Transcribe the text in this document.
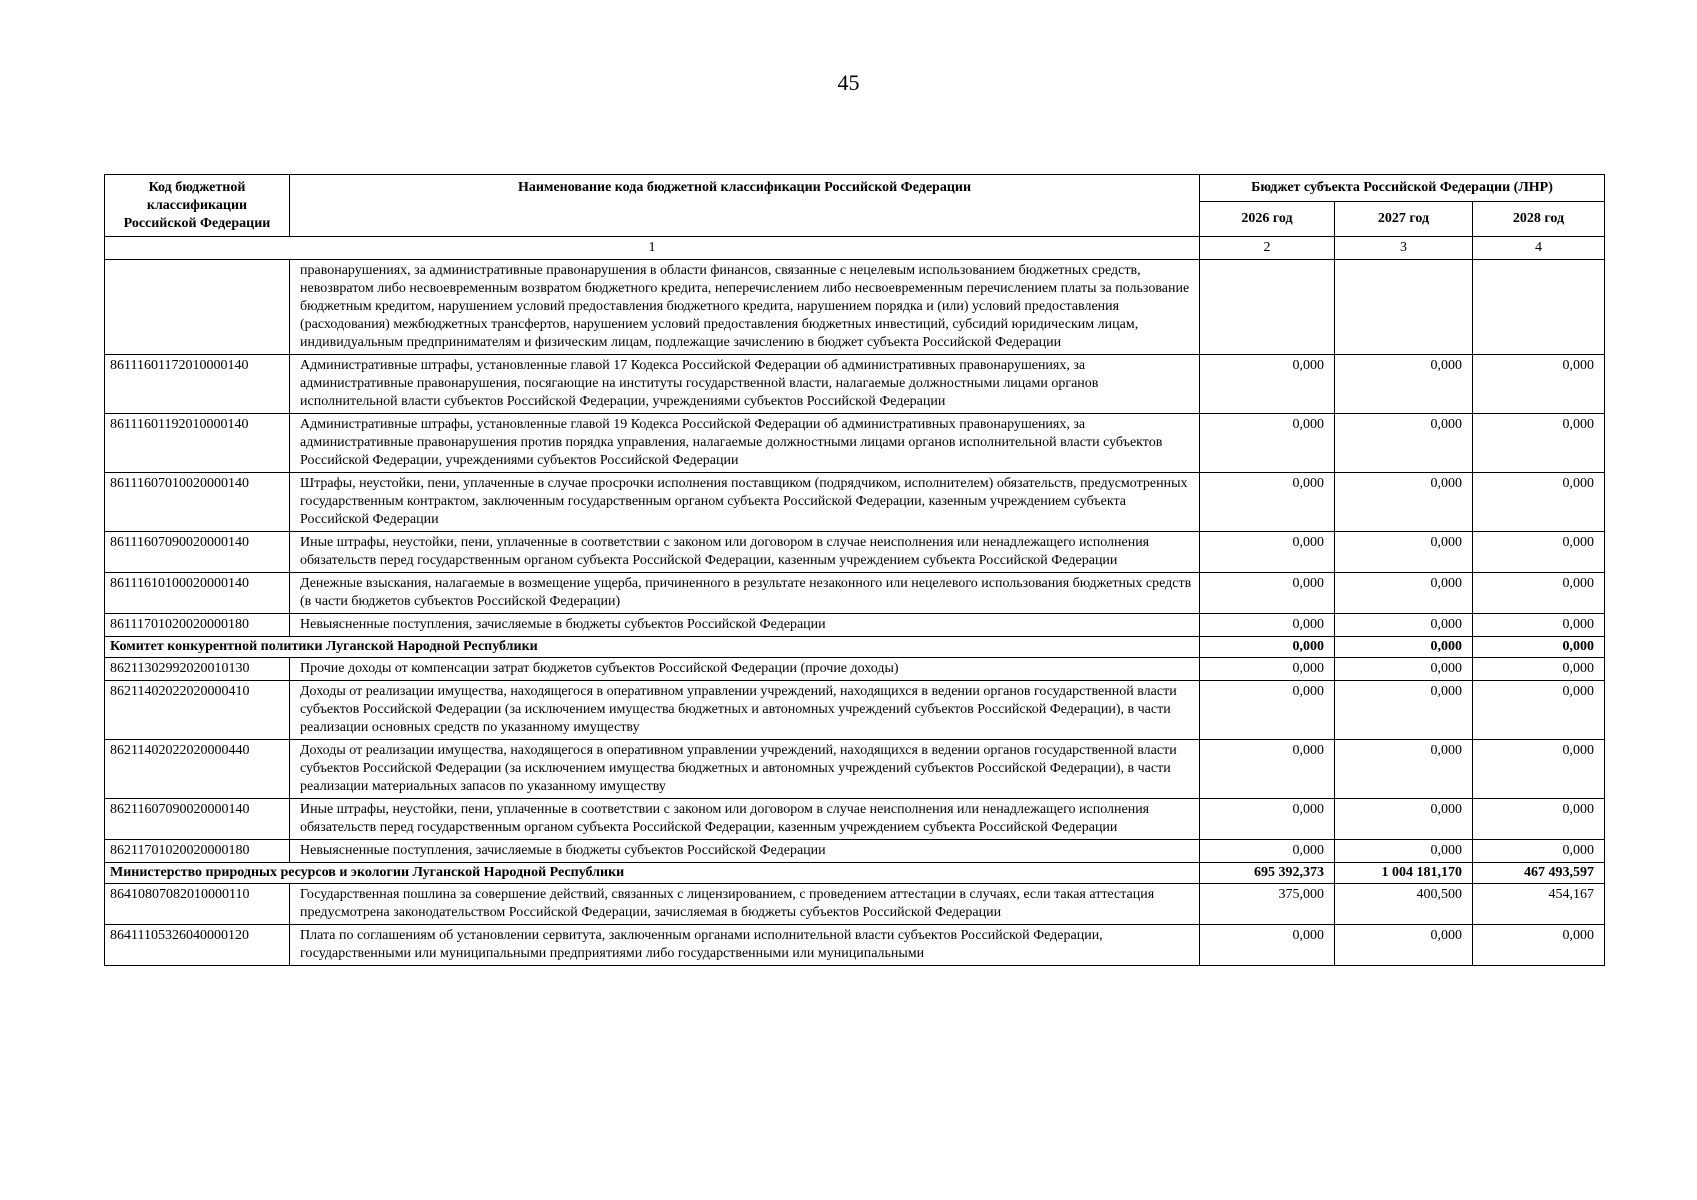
45
Код бюджетной классификации Российской Федерации	Наименование кода бюджетной классификации Российской Федерации	Бюджет субъекта Российской Федерации (ЛНР)		
		2026 год	2027 год	2028 год
1		2	3	4
	правонарушениях, за административные правонарушения в области финансов, связанные с нецелевым использованием бюджетных средств, невозвратом либо несвоевременным возвратом бюджетного кредита, неперечислением либо несвоевременным перечислением платы за пользование бюджетным кредитом, нарушением условий предоставления бюджетного кредита, нарушением порядка и (или) условий предоставления (расходования) межбюджетных трансфертов, нарушением условий предоставления бюджетных инвестиций, субсидий юридическим лицам, индивидуальным предпринимателям и физическим лицам, подлежащие зачислению в бюджет субъекта Российской Федерации			
86111601172010000140	Административные штрафы, установленные главой 17 Кодекса Российской Федерации об административных правонарушениях, за административные правонарушения, посягающие на институты государственной власти, налагаемые должностными лицами органов исполнительной власти субъектов Российской Федерации, учреждениями субъектов Российской Федерации	0,000	0,000	0,000
86111601192010000140	Административные штрафы, установленные главой 19 Кодекса Российской Федерации об административных правонарушениях, за административные правонарушения против порядка управления, налагаемые должностными лицами органов исполнительной власти субъектов Российской Федерации, учреждениями субъектов Российской Федерации	0,000	0,000	0,000
86111607010020000140	Штрафы, неустойки, пени, уплаченные в случае просрочки исполнения поставщиком (подрядчиком, исполнителем) обязательств, предусмотренных государственным контрактом, заключенным государственным органом субъекта Российской Федерации, казенным учреждением субъекта Российской Федерации	0,000	0,000	0,000
86111607090020000140	Иные штрафы, неустойки, пени, уплаченные в соответствии с законом или договором в случае неисполнения или ненадлежащего исполнения обязательств перед государственным органом субъекта Российской Федерации, казенным учреждением субъекта Российской Федерации	0,000	0,000	0,000
86111610100020000140	Денежные взыскания, налагаемые в возмещение ущерба, причиненного в результате незаконного или нецелевого использования бюджетных средств (в части бюджетов субъектов Российской Федерации)	0,000	0,000	0,000
86111701020020000180	Невыясненные поступления, зачисляемые в бюджеты субъектов Российской Федерации	0,000	0,000	0,000
Комитет конкурентной политики Луганской Народной Республики		0,000	0,000	0,000
86211302992020010130	Прочие доходы от компенсации затрат бюджетов субъектов Российской Федерации (прочие доходы)	0,000	0,000	0,000
86211402022020000410	Доходы от реализации имущества, находящегося в оперативном управлении учреждений, находящихся в ведении органов государственной власти субъектов Российской Федерации (за исключением имущества бюджетных и автономных учреждений субъектов Российской Федерации), в части реализации основных средств по указанному имуществу	0,000	0,000	0,000
86211402022020000440	Доходы от реализации имущества, находящегося в оперативном управлении учреждений, находящихся в ведении органов государственной власти субъектов Российской Федерации (за исключением имущества бюджетных и автономных учреждений субъектов Российской Федерации), в части реализации материальных запасов по указанному имуществу	0,000	0,000	0,000
86211607090020000140	Иные штрафы, неустойки, пени, уплаченные в соответствии с законом или договором в случае неисполнения или ненадлежащего исполнения обязательств перед государственным органом субъекта Российской Федерации, казенным учреждением субъекта Российской Федерации	0,000	0,000	0,000
86211701020020000180	Невыясненные поступления, зачисляемые в бюджеты субъектов Российской Федерации	0,000	0,000	0,000
Министерство природных ресурсов и экологии Луганской Народной Республики		695 392,373	1 004 181,170	467 493,597
86410807082010000110	Государственная пошлина за совершение действий, связанных с лицензированием, с проведением аттестации в случаях, если такая аттестация предусмотрена законодательством Российской Федерации, зачисляемая в бюджеты субъектов Российской Федерации	375,000	400,500	454,167
86411105326040000120	Плата по соглашениям об установлении сервитута, заключенным органами исполнительной власти субъектов Российской Федерации, государственными или муниципальными предприятиями либо государственными или муниципальными	0,000	0,000	0,000
